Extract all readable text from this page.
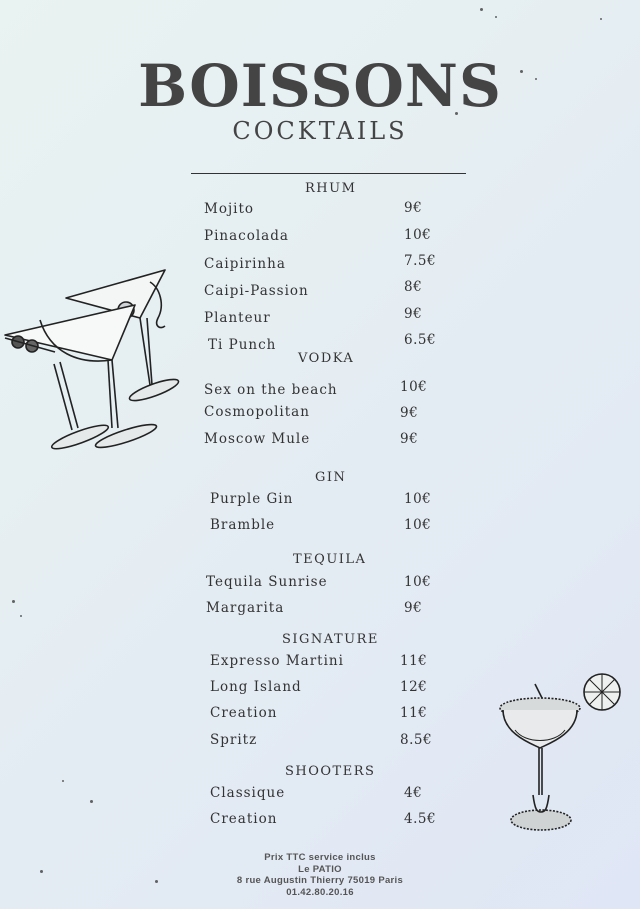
BOISSONS
COCKTAILS
RHUM
Mojito	9€
Pinacolada	10€
Caipirinha	7.5€
Caipi-Passion	8€
Planteur	9€
Ti Punch	6.5€
VODKA
Sex on the beach	10€
Cosmopolitan	9€
Moscow Mule	9€
GIN
Purple Gin	10€
Bramble	10€
TEQUILA
Tequila Sunrise	10€
Margarita	9€
SIGNATURE
Expresso Martini	11€
Long Island	12€
Creation	11€
Spritz	8.5€
SHOOTERS
Classique	4€
Creation	4.5€
Prix TTC service inclus
Le PATIO
8 rue Augustin Thierry 75019 Paris
01.42.80.20.16
